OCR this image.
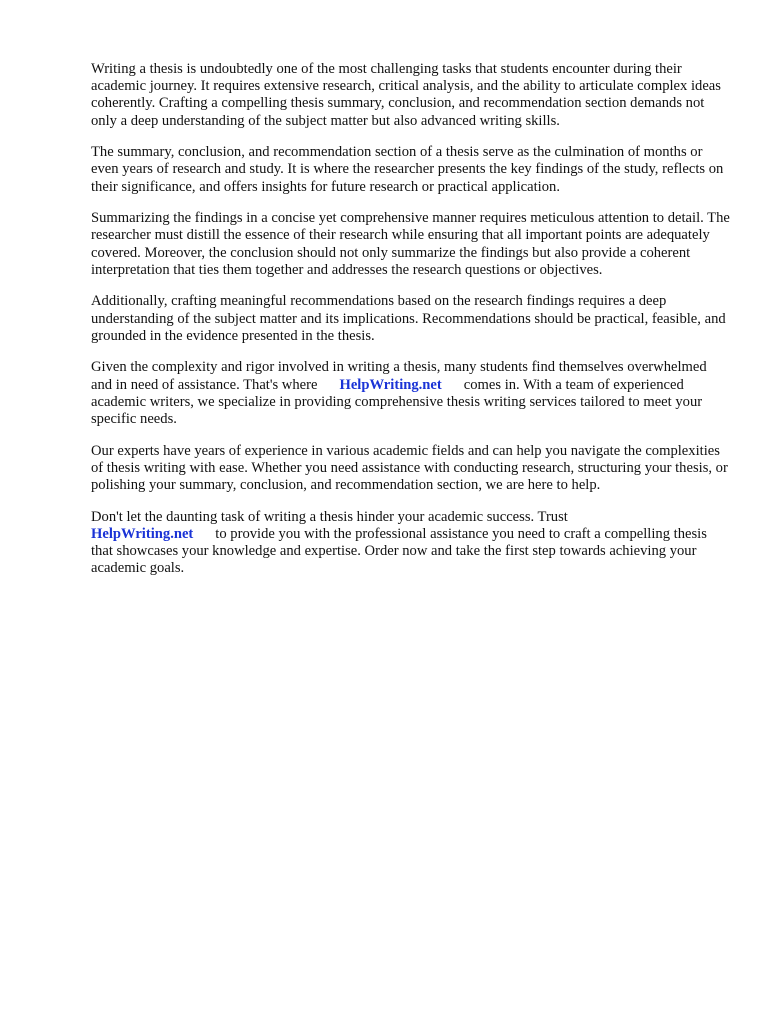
Writing a thesis is undoubtedly one of the most challenging tasks that students encounter during their academic journey. It requires extensive research, critical analysis, and the ability to articulate complex ideas coherently. Crafting a compelling thesis summary, conclusion, and recommendation section demands not only a deep understanding of the subject matter but also advanced writing skills.

The summary, conclusion, and recommendation section of a thesis serve as the culmination of months or even years of research and study. It is where the researcher presents the key findings of the study, reflects on their significance, and offers insights for future research or practical application.

Summarizing the findings in a concise yet comprehensive manner requires meticulous attention to detail. The researcher must distill the essence of their research while ensuring that all important points are adequately covered. Moreover, the conclusion should not only summarize the findings but also provide a coherent interpretation that ties them together and addresses the research questions or objectives.

Additionally, crafting meaningful recommendations based on the research findings requires a deep understanding of the subject matter and its implications. Recommendations should be practical, feasible, and grounded in the evidence presented in the thesis.

Given the complexity and rigor involved in writing a thesis, many students find themselves overwhelmed and in need of assistance. That's where HelpWriting.net comes in. With a team of experienced academic writers, we specialize in providing comprehensive thesis writing services tailored to meet your specific needs.

Our experts have years of experience in various academic fields and can help you navigate the complexities of thesis writing with ease. Whether you need assistance with conducting research, structuring your thesis, or polishing your summary, conclusion, and recommendation section, we are here to help.

Don't let the daunting task of writing a thesis hinder your academic success. Trust
HelpWriting.net to provide you with the professional assistance you need to craft a compelling thesis that showcases your knowledge and expertise. Order now and take the first step towards achieving your academic goals.
